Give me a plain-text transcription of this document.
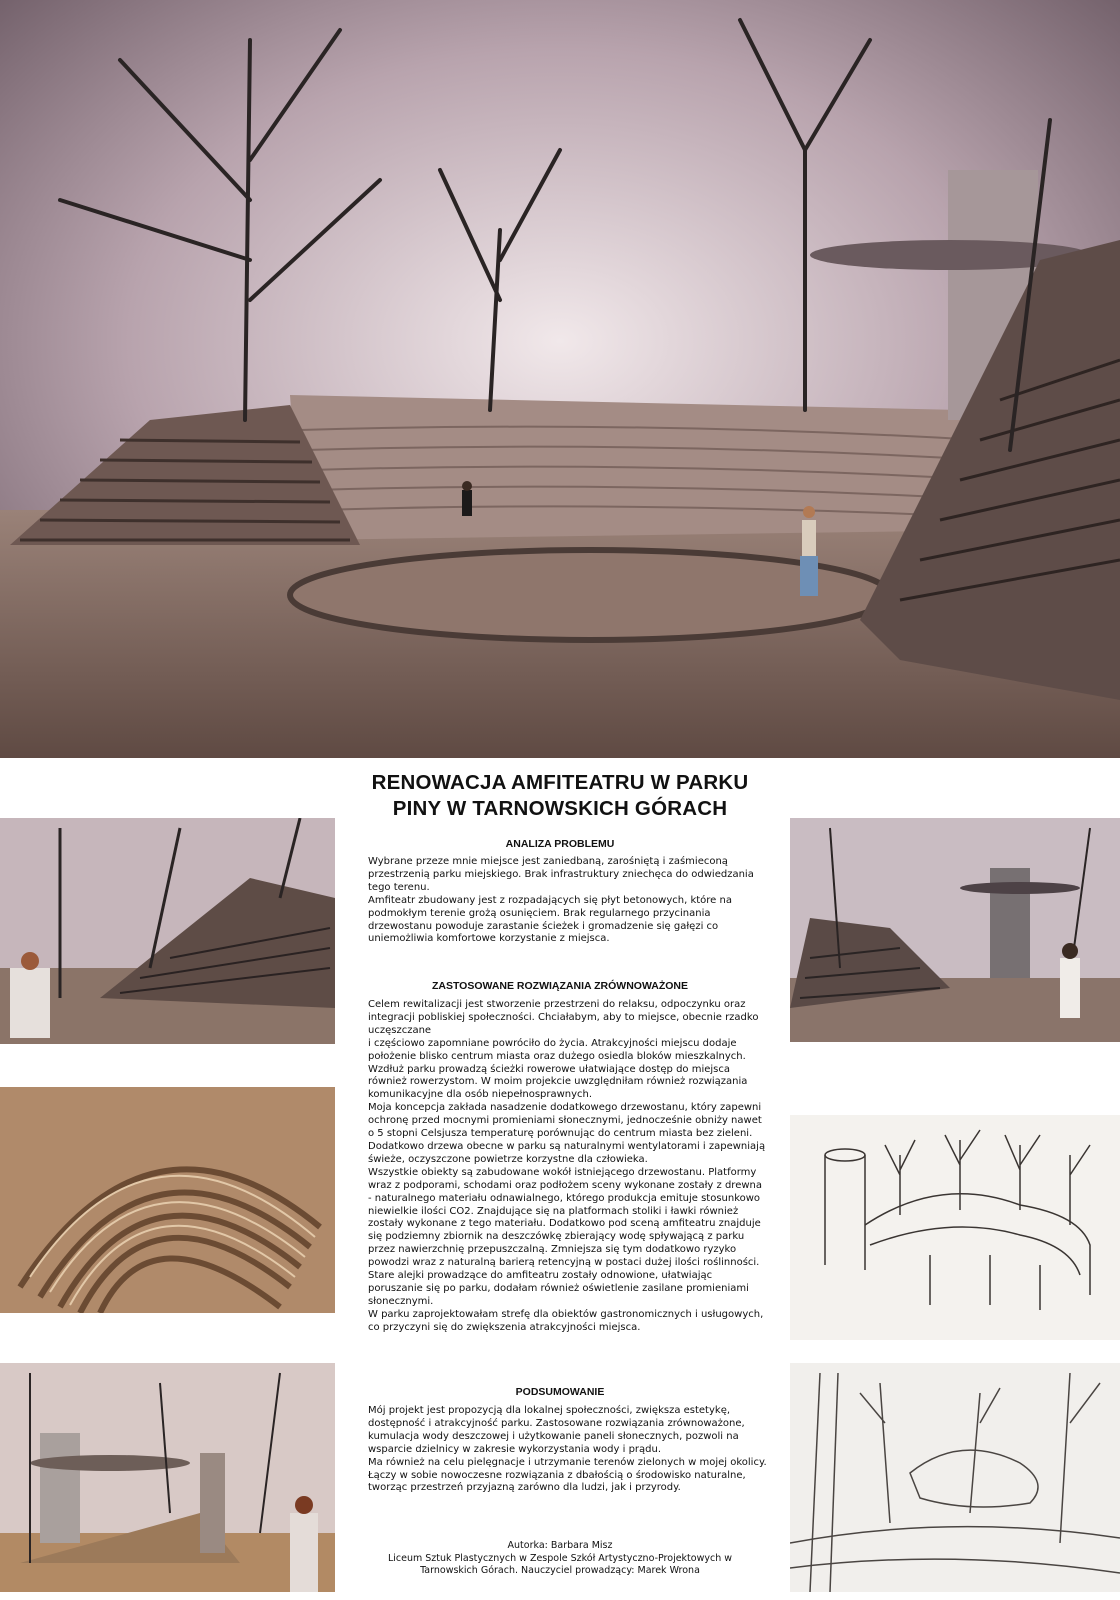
RENOWACJA AMFITEATRU W PARKU
PINY W TARNOWSKICH GÓRACH
ANALIZA PROBLEMU

Wybrane przeze mnie miejsce jest zaniedbaną, zarośniętą i zaśmieconą przestrzenią parku miejskiego. Brak infrastruktury zniechęca do odwiedzania tego terenu.

Amfiteatr zbudowany jest z rozpadających się płyt betonowych, które na podmokłym terenie grożą osunięciem. Brak regularnego przycinania drzewostanu powoduje zarastanie ścieżek i gromadzenie się gałęzi co uniemożliwia komfortowe korzystanie z miejsca.

ZASTOSOWANE ROZWIĄZANIA ZRÓWNOWAŻONE

Celem rewitalizacji jest stworzenie przestrzeni do relaksu, odpoczynku oraz integracji pobliskiej społeczności. Chciałabym, aby to miejsce, obecnie rzadko uczęszczane

i częściowo zapomniane powróciło do życia. Atrakcyjności miejscu dodaje położenie blisko centrum miasta oraz dużego osiedla bloków mieszkalnych. Wzdłuż parku prowadzą ścieżki rowerowe ułatwiające dostęp do miejsca również rowerzystom. W moim projekcie uwzględniłam również rozwiązania komunikacyjne dla osób niepełnosprawnych.

Moja koncepcja zakłada nasadzenie dodatkowego drzewostanu, który zapewni ochronę przed mocnymi promieniami słonecznymi, jednocześnie obniży nawet o 5 stopni Celsjusza temperaturę porównując do centrum miasta bez zieleni. Dodatkowo drzewa obecne w parku są naturalnymi wentylatorami i zapewniają świeże, oczyszczone powietrze korzystne dla człowieka.

Wszystkie obiekty są zabudowane wokół istniejącego drzewostanu. Platformy wraz z podporami, schodami oraz podłożem sceny wykonane zostały z drewna - naturalnego materiału odnawialnego, którego produkcja emituje stosunkowo niewielkie ilości CO2. Znajdujące się na platformach stoliki i ławki również zostały wykonane z tego materiału. Dodatkowo pod sceną amfiteatru znajduje się podziemny zbiornik na deszczówkę zbierający wodę spływającą z parku przez nawierzchnię przepuszczalną. Zmniejsza się tym dodatkowo ryzyko powodzi wraz z naturalną barierą retencyjną w postaci dużej ilości roślinności.

Stare alejki prowadzące do amfiteatru zostały odnowione, ułatwiając poruszanie się po parku, dodałam również oświetlenie zasilane promieniami słonecznymi.

W parku zaprojektowałam strefę dla obiektów gastronomicznych i usługowych, co przyczyni się do zwiększenia atrakcyjności miejsca.

PODSUMOWANIE

Mój projekt jest propozycją dla lokalnej społeczności, zwiększa estetykę, dostępność i atrakcyjność parku. Zastosowane rozwiązania zrównoważone, kumulacja wody deszczowej i użytkowanie paneli słonecznych, pozwoli na wsparcie dzielnicy w zakresie wykorzystania wody i prądu.

Ma również na celu pielęgnacje i utrzymanie terenów zielonych w mojej okolicy.

Łączy w sobie nowoczesne rozwiązania z dbałością o środowisko naturalne, tworząc przestrzeń przyjazną zarówno dla ludzi, jak i przyrody.

Autorka: Barbara Misz
Liceum Sztuk Plastycznych w Zespole Szkół Artystyczno-Projektowych w
Tarnowskich Górach. Nauczyciel prowadzący: Marek Wrona
